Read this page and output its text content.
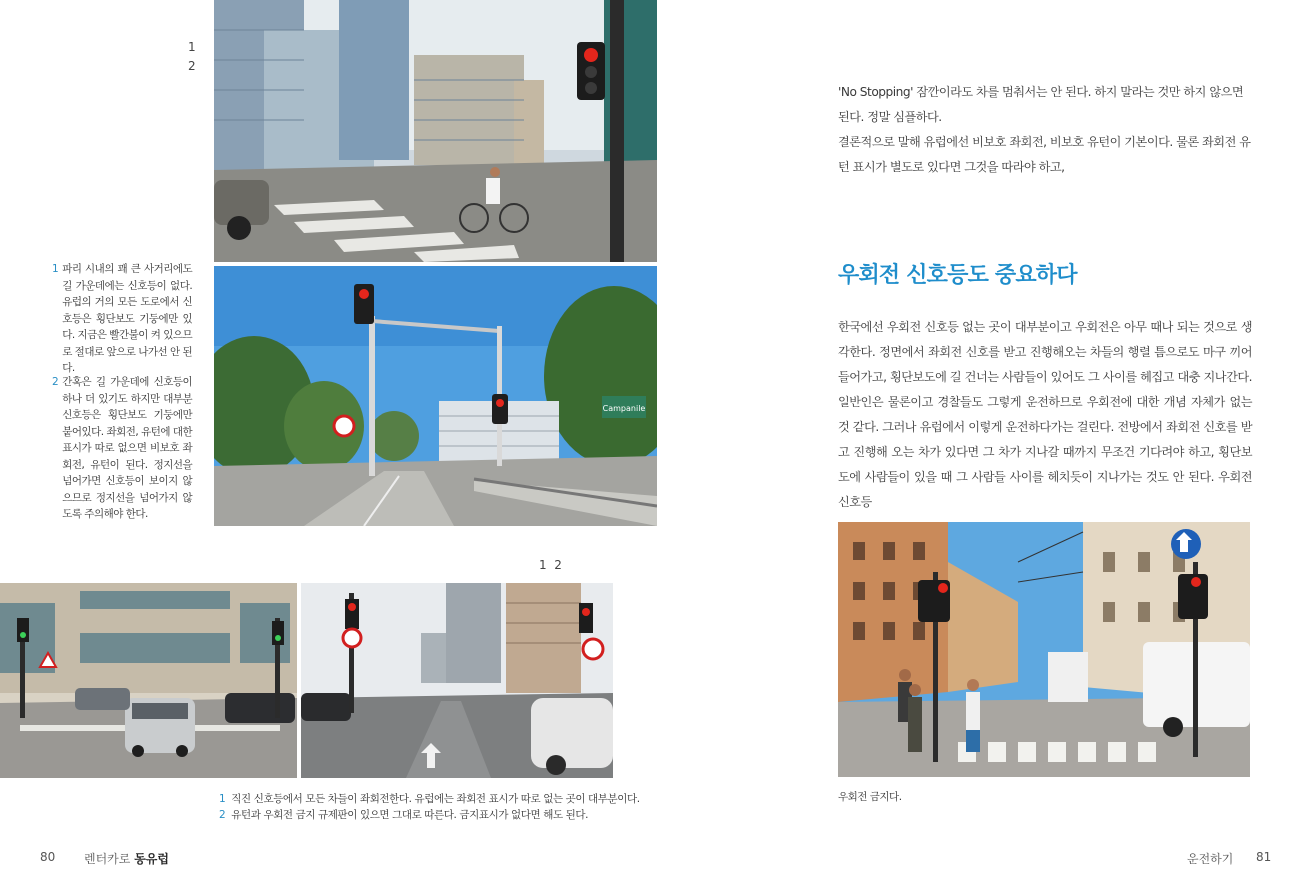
1
2
Campanile
1 파리 시내의 꽤 큰 사거리에도 길 가운데에는 신호등이 없다. 유럽의 거의 모든 도로에서 신호등은 횡단보도 기둥에만 있다. 지금은 빨간불이 켜 있으므로 절대로 앞으로 나가선 안 된다.
2 간혹은 길 가운데에 신호등이 하나 더 있기도 하지만 대부분 신호등은 횡단보도 기둥에만 붙어있다. 좌회전, 유턴에 대한 표시가 따로 없으면 비보호 좌회전, 유턴이 된다. 정지선을 넘어가면 신호등이 보이지 않으므로 정지선을 넘어가지 않도록 주의해야 한다.
1  2
1 직진 신호등에서 모든 차들이 좌회전한다. 유럽에는 좌회전 표시가 따로 없는 곳이 대부분이다.
2 유턴과 우회전 금지 규제판이 있으면 그대로 따른다. 금지표시가 없다면 해도 된다.
80 렌터카로 동유럽
'No Stopping' 잠깐이라도 차를 멈춰서는 안 된다. 하지 말라는 것만 하지 않으면 된다. 정말 심플하다.
결론적으로 말해 유럽에선 비보호 좌회전, 비보호 유턴이 기본이다. 물론 좌회전 유턴 표시가 별도로 있다면 그것을 따라야 하고,
우회전 신호등도 중요하다
한국에선 우회전 신호등 없는 곳이 대부분이고 우회전은 아무 때나 되는 것으로 생각한다. 정면에서 좌회전 신호를 받고 진행해오는 차들의 행렬 틈으로도 마구 끼어들어가고, 횡단보도에 길 건너는 사람들이 있어도 그 사이를 헤집고 대충 지나간다. 일반인은 물론이고 경찰들도 그렇게 운전하므로 우회전에 대한 개념 자체가 없는 것 같다. 그러나 유럽에서 이렇게 운전하다가는 걸린다. 전방에서 좌회전 신호를 받고 진행해 오는 차가 있다면 그 차가 지나갈 때까지 무조건 기다려야 하고, 횡단보도에 사람들이 있을 때 그 사람들 사이를 헤치듯이 지나가는 것도 안 된다. 우회전 신호등
우회전 금지다.
운전하기 81
